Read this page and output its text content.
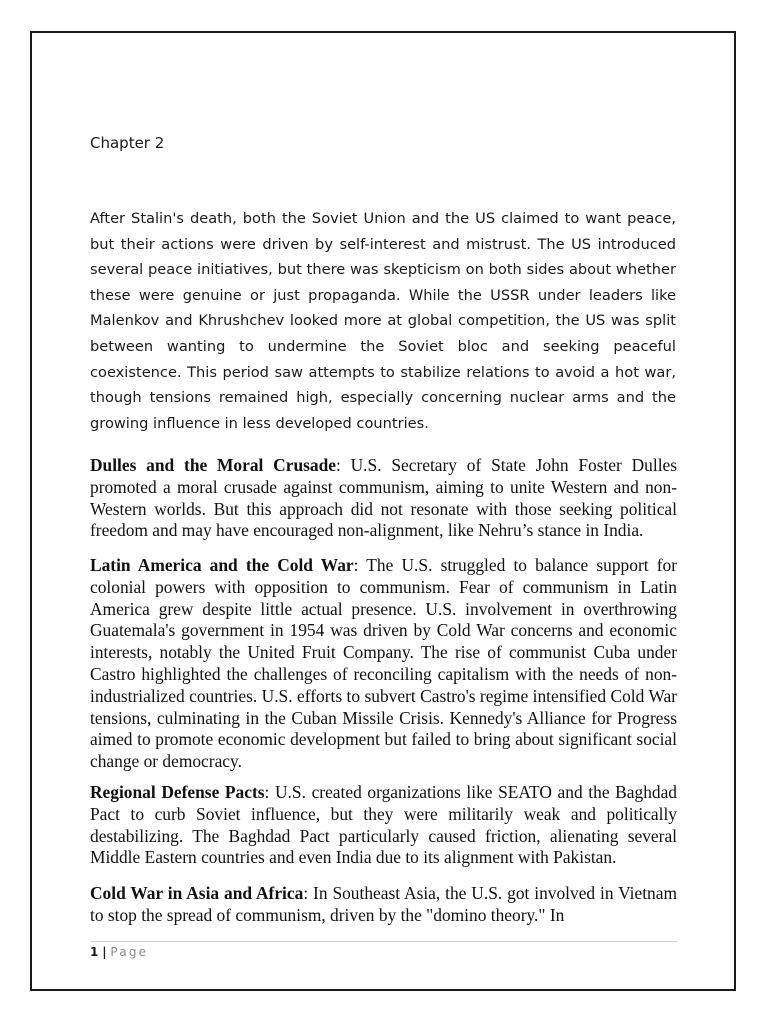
Chapter 2

After Stalin's death, both the Soviet Union and the US claimed to want peace, but their actions were driven by self-interest and mistrust. The US introduced several peace initiatives, but there was skepticism on both sides about whether these were genuine or just propaganda. While the USSR under leaders like Malenkov and Khrushchev looked more at global competition, the US was split between wanting to undermine the Soviet bloc and seeking peaceful coexistence. This period saw attempts to stabilize relations to avoid a hot war, though tensions remained high, especially concerning nuclear arms and the growing influence in less developed countries.

Dulles and the Moral Crusade: U.S. Secretary of State John Foster Dulles promoted a moral crusade against communism, aiming to unite Western and non-Western worlds. But this approach did not resonate with those seeking political freedom and may have encouraged non-alignment, like Nehru’s stance in India.

Latin America and the Cold War: The U.S. struggled to balance support for colonial powers with opposition to communism. Fear of communism in Latin America grew despite little actual presence. U.S. involvement in overthrowing Guatemala's government in 1954 was driven by Cold War concerns and economic interests, notably the United Fruit Company. The rise of communist Cuba under Castro highlighted the challenges of reconciling capitalism with the needs of non-industrialized countries. U.S. efforts to subvert Castro's regime intensified Cold War tensions, culminating in the Cuban Missile Crisis. Kennedy's Alliance for Progress aimed to promote economic development but failed to bring about significant social change or democracy.

Regional Defense Pacts: U.S. created organizations like SEATO and the Baghdad Pact to curb Soviet influence, but they were militarily weak and politically destabilizing. The Baghdad Pact particularly caused friction, alienating several Middle Eastern countries and even India due to its alignment with Pakistan.

Cold War in Asia and Africa: In Southeast Asia, the U.S. got involved in Vietnam to stop the spread of communism, driven by the "domino theory." In

1 | Page
